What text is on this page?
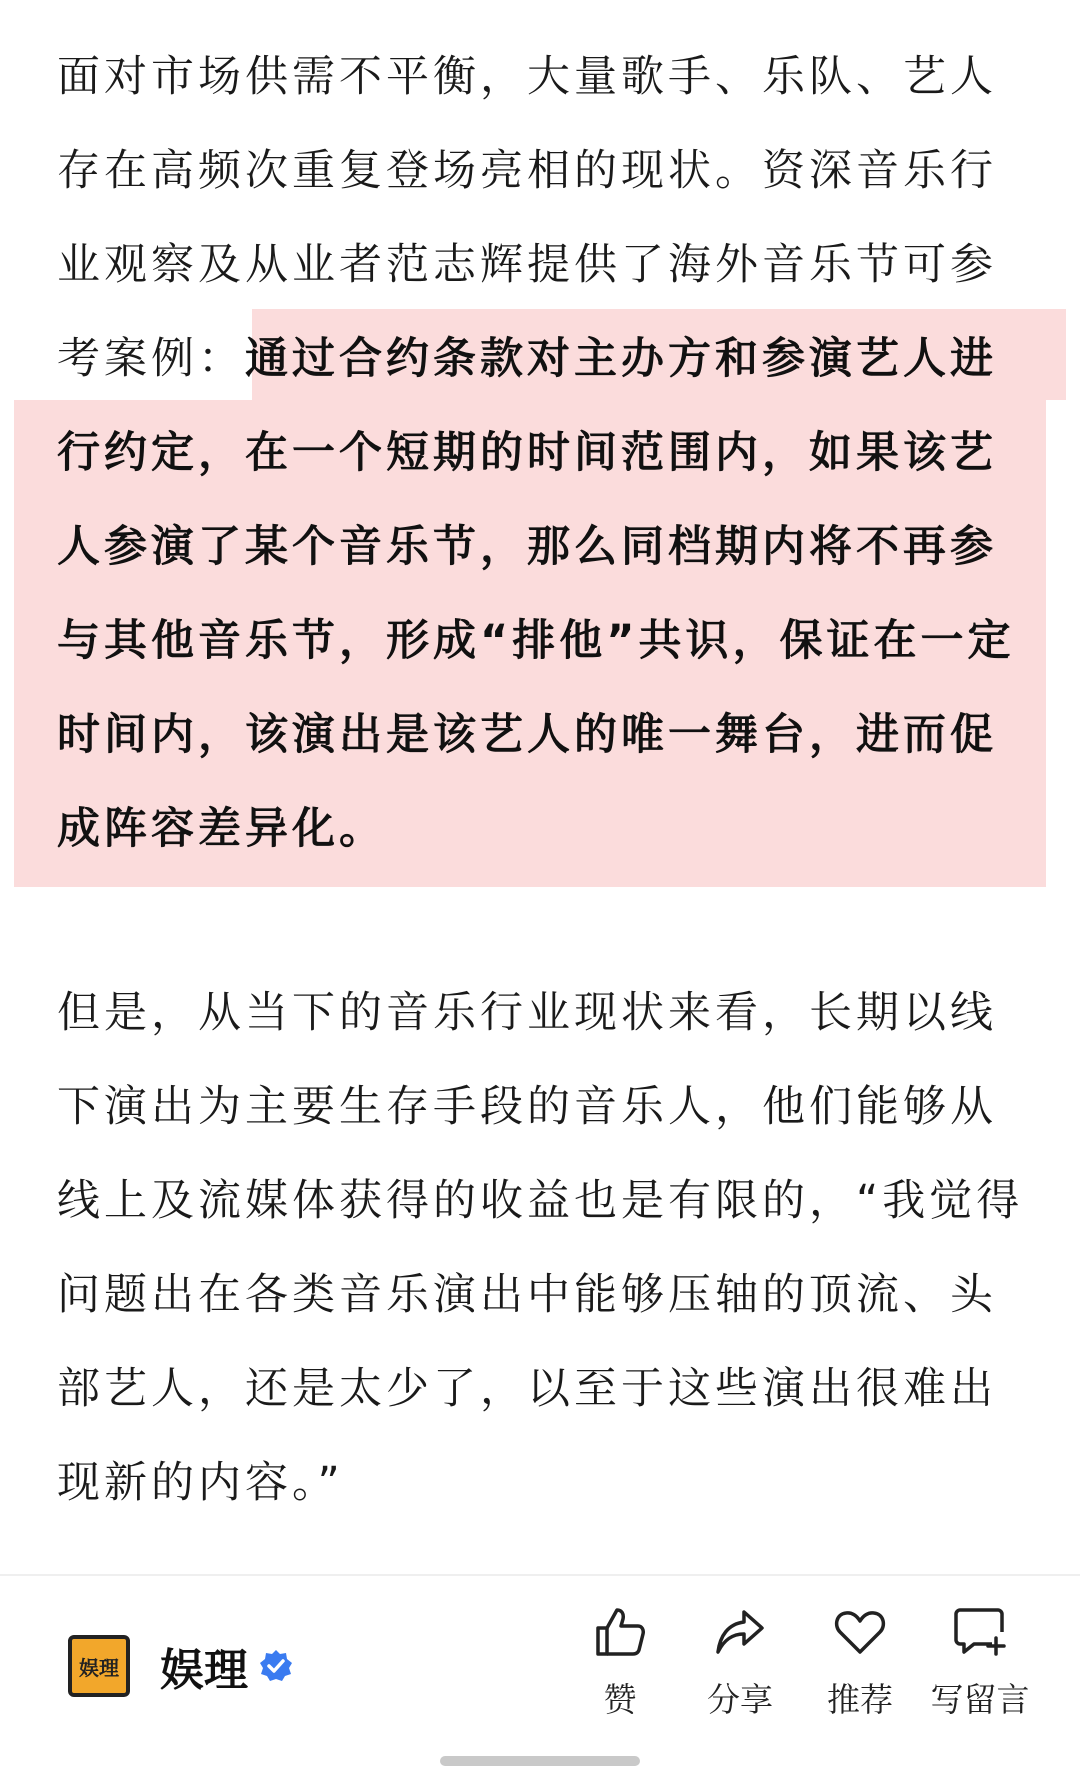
面对市场供需不平衡，大量歌手、乐队、艺人
存在高频次重复登场亮相的现状。资深音乐行
业观察及从业者范志辉提供了海外音乐节可参
考案例：通过合约条款对主办方和参演艺人进
行约定，在一个短期的时间范围内，如果该艺
人参演了某个音乐节，那么同档期内将不再参
与其他音乐节，形成“排他”共识，保证在一定
时间内，该演出是该艺人的唯一舞台，进而促
成阵容差异化。
但是，从当下的音乐行业现状来看，长期以线
下演出为主要生存手段的音乐人，他们能够从
线上及流媒体获得的收益也是有限的，“我觉得
问题出在各类音乐演出中能够压轴的顶流、头
部艺人，还是太少了，以至于这些演出很难出
现新的内容。”
娱理 娱理
赞	分享	推荐	写留言
